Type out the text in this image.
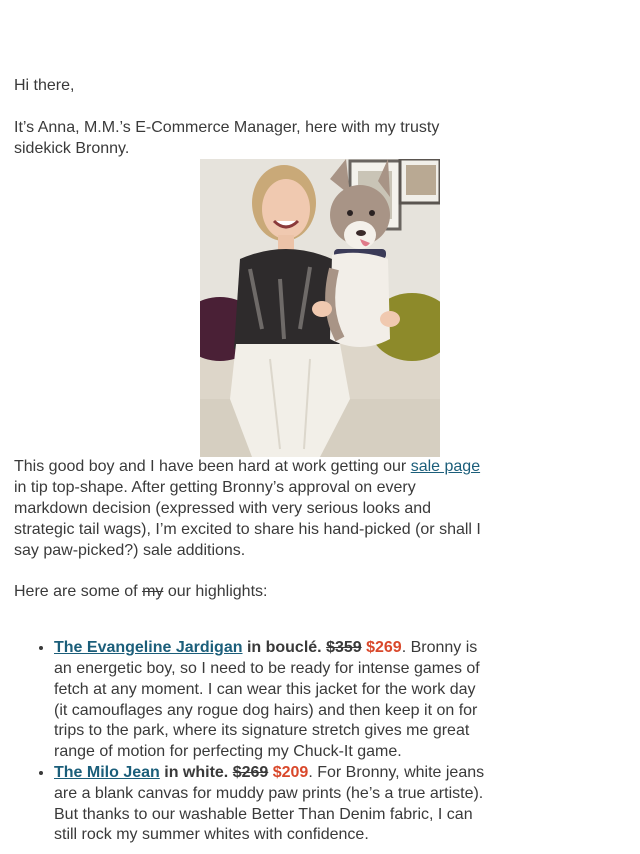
Hi there,

It’s Anna, M.M.’s E-Commerce Manager, here with my trusty sidekick Bronny.

This good boy and I have been hard at work getting our sale page in tip top-shape. After getting Bronny’s approval on every markdown decision (expressed with very serious looks and strategic tail wags), I’m excited to share his hand-picked (or shall I say paw-picked?) sale additions.

Here are some of my our highlights:

• The Evangeline Jardigan in bouclé. $359 $269. Bronny is an energetic boy, so I need to be ready for intense games of fetch at any moment. I can wear this jacket for the work day (it camouflages any rogue dog hairs) and then keep it on for trips to the park, where its signature stretch gives me great range of motion for perfecting my Chuck-It game.
• The Milo Jean in white. $269 $209. For Bronny, white jeans are a blank canvas for muddy paw prints (he’s a true artiste). But thanks to our washable Better Than Denim fabric, I can still rock my summer whites with confidence.
